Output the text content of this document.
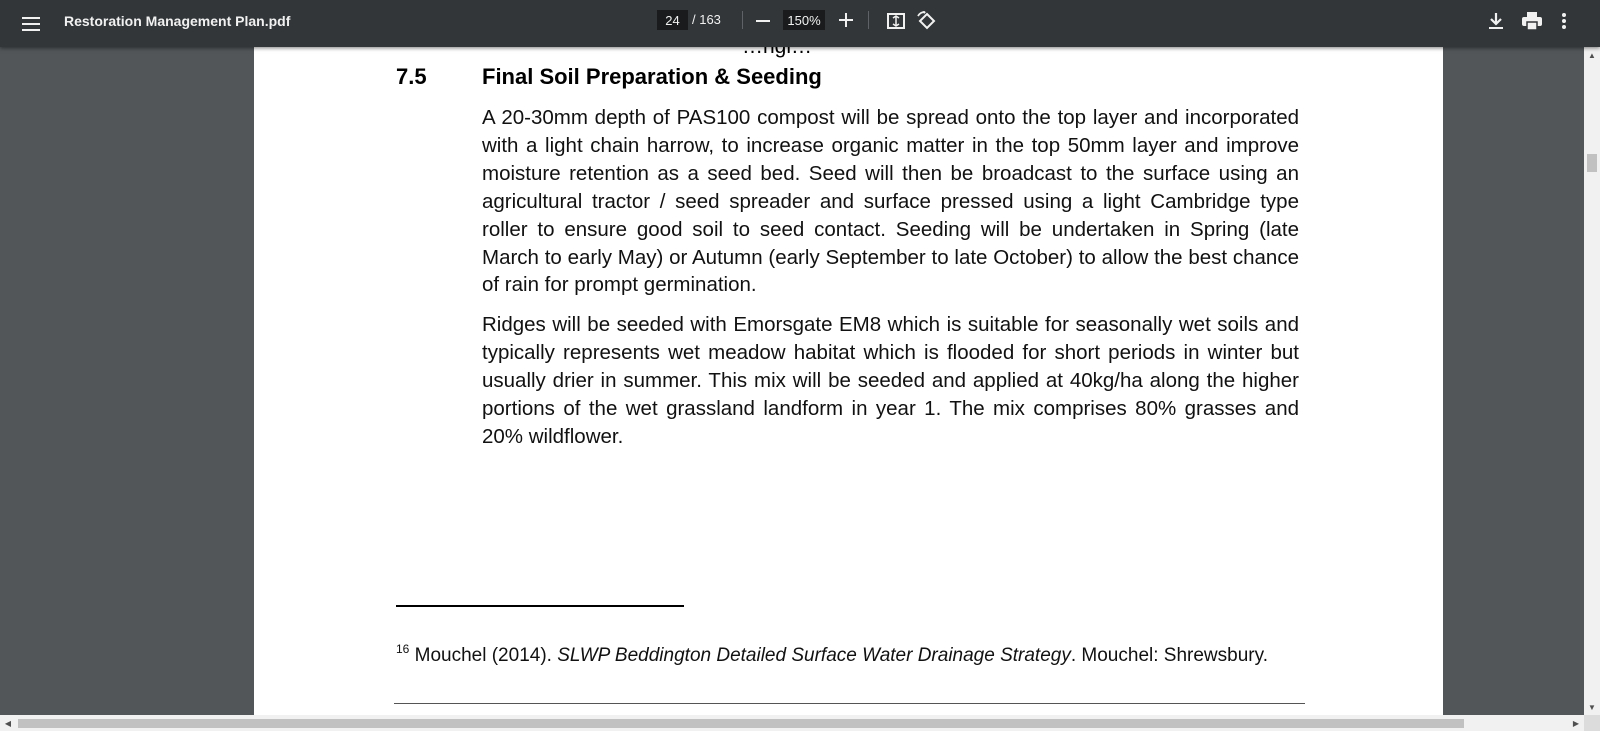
Restoration Management Plan.pdf
24	/ 163
150%
7.5	Final Soil Preparation & Seeding

A 20-30mm depth of PAS100 compost will be spread onto the top layer and incorporated with a light chain harrow, to increase organic matter in the top 50mm layer and improve moisture retention as a seed bed. Seed will then be broadcast to the surface using an agricultural tractor / seed spreader and surface pressed using a light Cambridge type roller to ensure good soil to seed contact. Seeding will be undertaken in Spring (late March to early May) or Autumn (early September to late October) to allow the best chance of rain for prompt germination.

Ridges will be seeded with Emorsgate EM8 which is suitable for seasonally wet soils and typically represents wet meadow habitat which is flooded for short periods in winter but usually drier in summer. This mix will be seeded and applied at 40kg/ha along the higher portions of the wet grassland landform in year 1. The mix comprises 80% grasses and 20% wildflower.

$^{16}$ Mouchel (2014). SLWP Beddington Detailed Surface Water Drainage Strategy. Mouchel: Shrewsbury.
▲
▼
◀	▶
